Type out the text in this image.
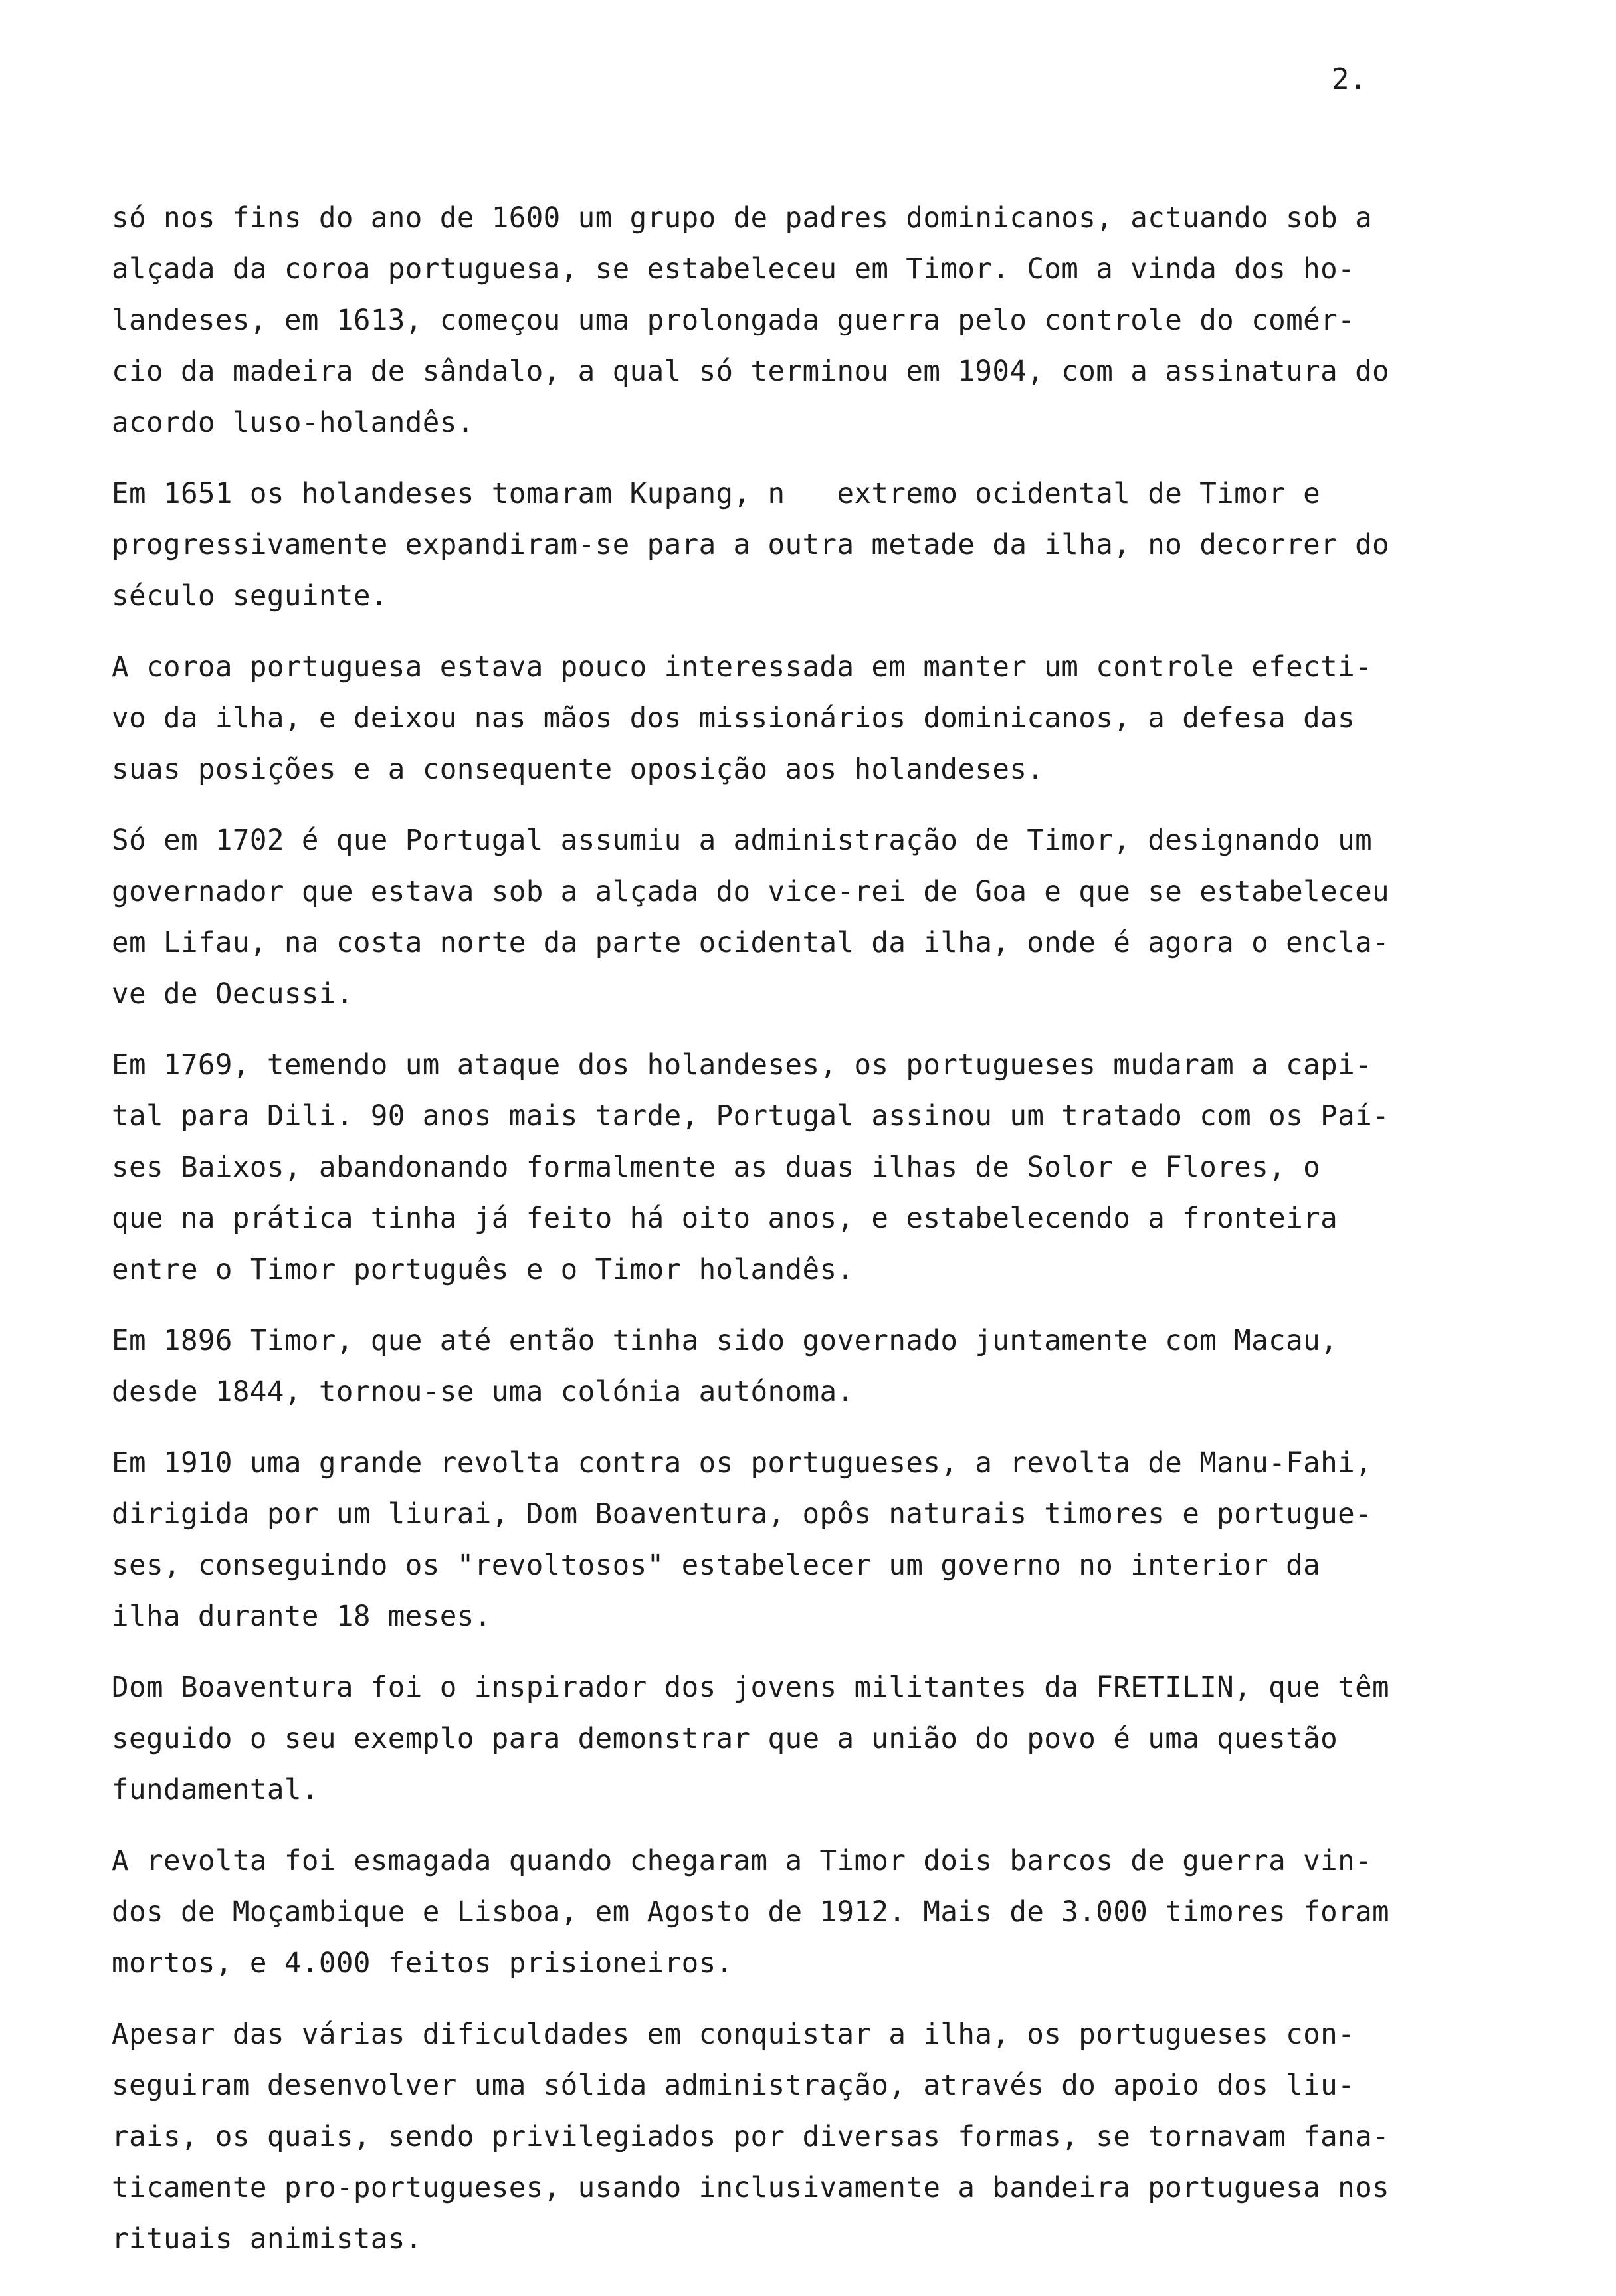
2.

só nos fins do ano de 1600 um grupo de padres dominicanos, actuando sob a
alçada da coroa portuguesa, se estabeleceu em Timor. Com a vinda dos ho-
landeses, em 1613, começou uma prolongada guerra pelo controle do comér-
cio da madeira de sândalo, a qual só terminou em 1904, com a assinatura do
acordo luso-holandês.

Em 1651 os holandeses tomaram Kupang, n   extremo ocidental de Timor e
progressivamente expandiram-se para a outra metade da ilha, no decorrer do
século seguinte.

A coroa portuguesa estava pouco interessada em manter um controle efecti-
vo da ilha, e deixou nas mãos dos missionários dominicanos, a defesa das
suas posições e a consequente oposição aos holandeses.

Só em 1702 é que Portugal assumiu a administração de Timor, designando um
governador que estava sob a alçada do vice-rei de Goa e que se estabeleceu
em Lifau, na costa norte da parte ocidental da ilha, onde é agora o encla-
ve de Oecussi.

Em 1769, temendo um ataque dos holandeses, os portugueses mudaram a capi-
tal para Dili. 90 anos mais tarde, Portugal assinou um tratado com os Paí-
ses Baixos, abandonando formalmente as duas ilhas de Solor e Flores, o
que na prática tinha já feito há oito anos, e estabelecendo a fronteira
entre o Timor português e o Timor holandês.

Em 1896 Timor, que até então tinha sido governado juntamente com Macau,
desde 1844, tornou-se uma colónia autónoma.

Em 1910 uma grande revolta contra os portugueses, a revolta de Manu-Fahi,
dirigida por um liurai, Dom Boaventura, opôs naturais timores e portugue-
ses, conseguindo os "revoltosos" estabelecer um governo no interior da
ilha durante 18 meses.

Dom Boaventura foi o inspirador dos jovens militantes da FRETILIN, que têm
seguido o seu exemplo para demonstrar que a união do povo é uma questão
fundamental.

A revolta foi esmagada quando chegaram a Timor dois barcos de guerra vin-
dos de Moçambique e Lisboa, em Agosto de 1912. Mais de 3.000 timores foram
mortos, e 4.000 feitos prisioneiros.

Apesar das várias dificuldades em conquistar a ilha, os portugueses con-
seguiram desenvolver uma sólida administração, através do apoio dos liu-
rais, os quais, sendo privilegiados por diversas formas, se tornavam fana-
ticamente pro-portugueses, usando inclusivamente a bandeira portuguesa nos
rituais animistas.
